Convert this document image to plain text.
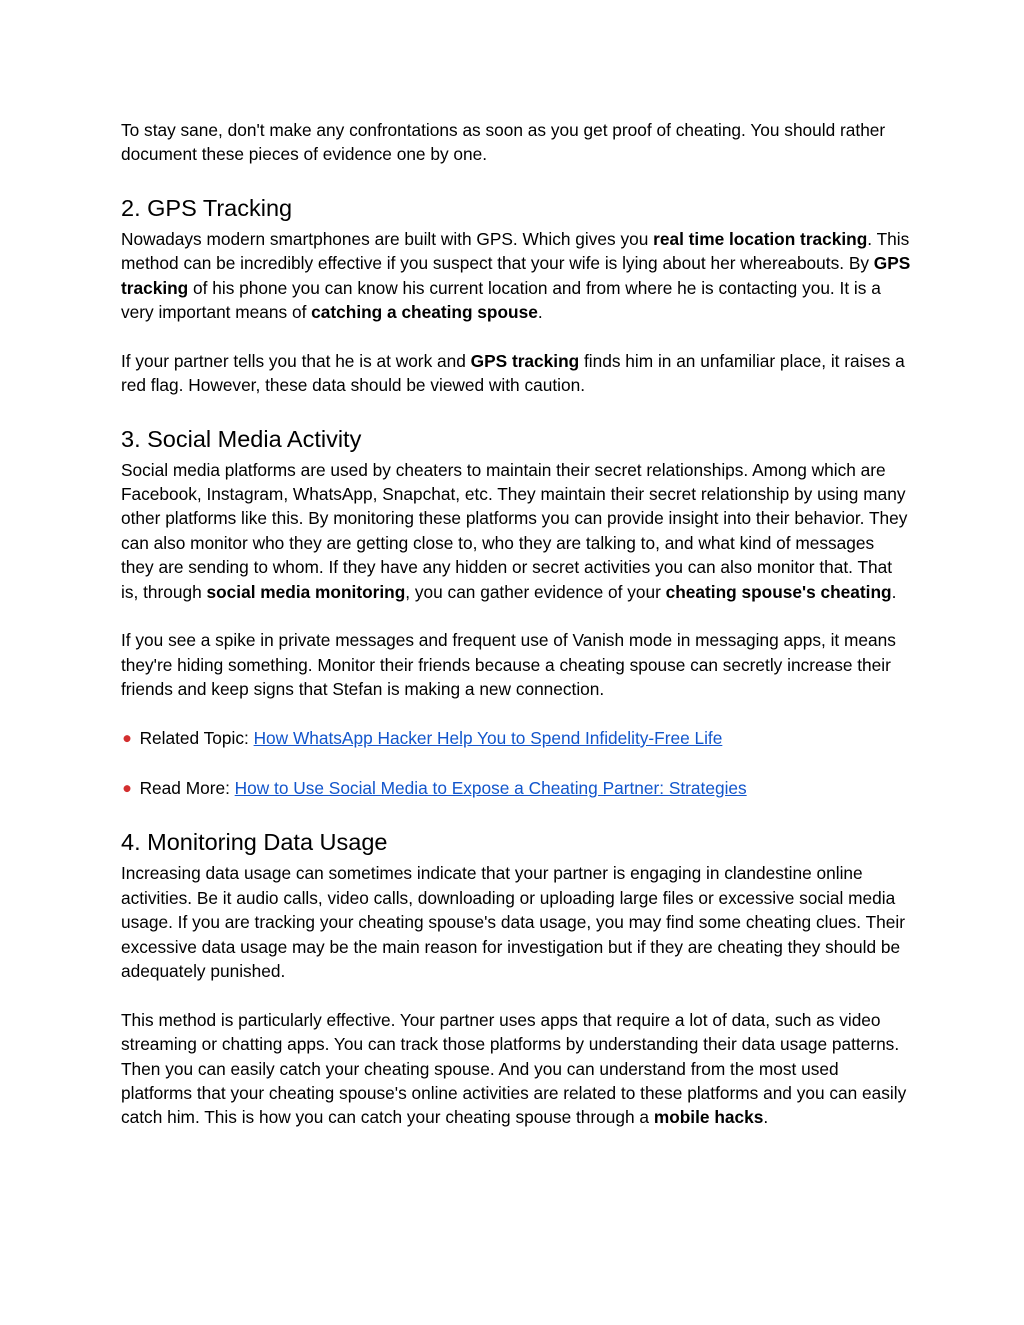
To stay sane, don't make any confrontations as soon as you get proof of cheating. You should rather document these pieces of evidence one by one.

2. GPS Tracking

Nowadays modern smartphones are built with GPS. Which gives you real time location tracking. This method can be incredibly effective if you suspect that your wife is lying about her whereabouts. By GPS tracking of his phone you can know his current location and from where he is contacting you. It is a very important means of catching a cheating spouse.

If your partner tells you that he is at work and GPS tracking finds him in an unfamiliar place, it raises a red flag. However, these data should be viewed with caution.

3. Social Media Activity

Social media platforms are used by cheaters to maintain their secret relationships. Among which are Facebook, Instagram, WhatsApp, Snapchat, etc. They maintain their secret relationship by using many other platforms like this. By monitoring these platforms you can provide insight into their behavior. They can also monitor who they are getting close to, who they are talking to, and what kind of messages they are sending to whom. If they have any hidden or secret activities you can also monitor that. That is, through social media monitoring, you can gather evidence of your cheating spouse's cheating.

If you see a spike in private messages and frequent use of Vanish mode in messaging apps, it means they're hiding something. Monitor their friends because a cheating spouse can secretly increase their friends and keep signs that Stefan is making a new connection.

⚫ Related Topic: How WhatsApp Hacker Help You to Spend Infidelity-Free Life

⚫ Read More: How to Use Social Media to Expose a Cheating Partner: Strategies

4. Monitoring Data Usage

Increasing data usage can sometimes indicate that your partner is engaging in clandestine online activities. Be it audio calls, video calls, downloading or uploading large files or excessive social media usage. If you are tracking your cheating spouse's data usage, you may find some cheating clues. Their excessive data usage may be the main reason for investigation but if they are cheating they should be adequately punished.

This method is particularly effective. Your partner uses apps that require a lot of data, such as video streaming or chatting apps. You can track those platforms by understanding their data usage patterns. Then you can easily catch your cheating spouse. And you can understand from the most used platforms that your cheating spouse's online activities are related to these platforms and you can easily catch him. This is how you can catch your cheating spouse through a mobile hacks.
